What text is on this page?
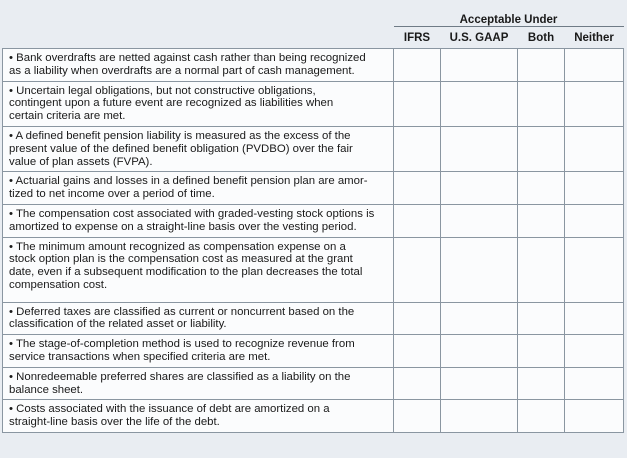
	Acceptable Under			
	IFRS	U.S. GAAP	Both	Neither
• Bank overdrafts are netted against cash rather than being recognized
as a liability when overdrafts are a normal part of cash management.				
• Uncertain legal obligations, but not constructive obligations,
contingent upon a future event are recognized as liabilities when
certain criteria are met.				
• A defined benefit pension liability is measured as the excess of the
present value of the defined benefit obligation (PVDBO) over the fair
value of plan assets (FVPA).				
• Actuarial gains and losses in a defined benefit pension plan are amor-
tized to net income over a period of time.				
• The compensation cost associated with graded-vesting stock options is
amortized to expense on a straight-line basis over the vesting period.				
• The minimum amount recognized as compensation expense on a
stock option plan is the compensation cost as measured at the grant
date, even if a subsequent modification to the plan decreases the total
compensation cost.				
• Deferred taxes are classified as current or noncurrent based on the
classification of the related asset or liability.				
• The stage-of-completion method is used to recognize revenue from
service transactions when specified criteria are met.				
• Nonredeemable preferred shares are classified as a liability on the
balance sheet.				
• Costs associated with the issuance of debt are amortized on a
straight-line basis over the life of the debt.				
